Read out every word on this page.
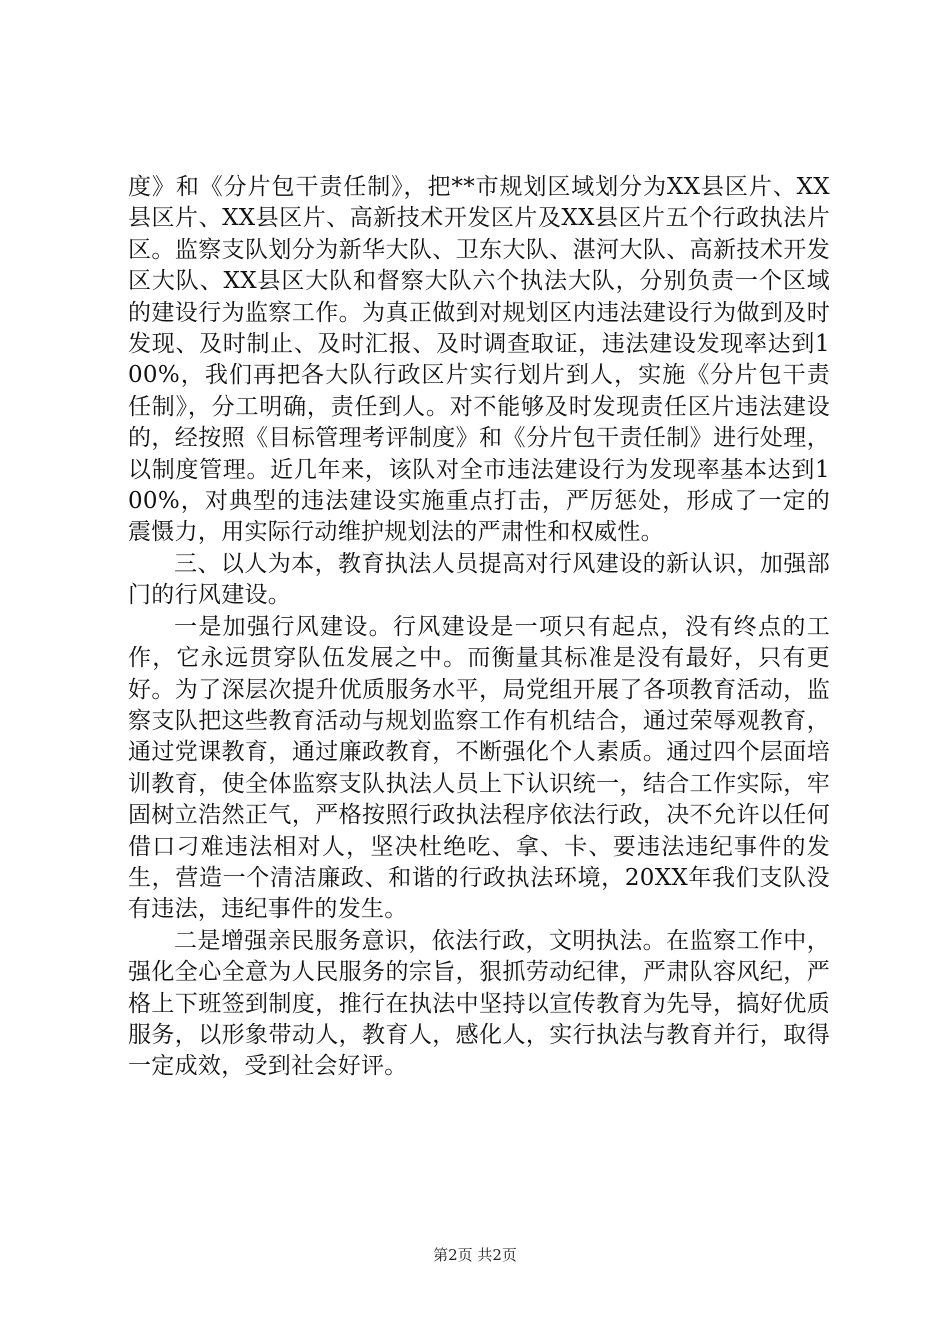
度》和《分片包干责任制》，把**市规划区域划分为XX县区片、XX县区片、XX县区片、高新技术开发区片及XX县区片五个行政执法片区。监察支队划分为新华大队、卫东大队、湛河大队、高新技术开发区大队、XX县区大队和督察大队六个执法大队，分别负责一个区域的建设行为监察工作。为真正做到对规划区内违法建设行为做到及时发现、及时制止、及时汇报、及时调查取证，违法建设发现率达到100%，我们再把各大队行政区片实行划片到人，实施《分片包干责任制》，分工明确，责任到人。对不能够及时发现责任区片违法建设的，经按照《目标管理考评制度》和《分片包干责任制》进行处理，以制度管理。近几年来，该队对全市违法建设行为发现率基本达到100%，对典型的违法建设实施重点打击，严厉惩处，形成了一定的震慑力，用实际行动维护规划法的严肃性和权威性。

三、以人为本，教育执法人员提高对行风建设的新认识，加强部门的行风建设。

一是加强行风建设。行风建设是一项只有起点，没有终点的工作，它永远贯穿队伍发展之中。而衡量其标准是没有最好，只有更好。为了深层次提升优质服务水平，局党组开展了各项教育活动，监察支队把这些教育活动与规划监察工作有机结合，通过荣辱观教育，通过党课教育，通过廉政教育，不断强化个人素质。通过四个层面培训教育，使全体监察支队执法人员上下认识统一，结合工作实际，牢固树立浩然正气，严格按照行政执法程序依法行政，决不允许以任何借口刁难违法相对人，坚决杜绝吃、拿、卡、要违法违纪事件的发生，营造一个清洁廉政、和谐的行政执法环境，20XX年我们支队没有违法，违纪事件的发生。

二是增强亲民服务意识，依法行政，文明执法。在监察工作中，强化全心全意为人民服务的宗旨，狠抓劳动纪律，严肃队容风纪，严格上下班签到制度，推行在执法中坚持以宣传教育为先导，搞好优质服务，以形象带动人，教育人，感化人，实行执法与教育并行，取得一定成效，受到社会好评。

第2页 共2页
